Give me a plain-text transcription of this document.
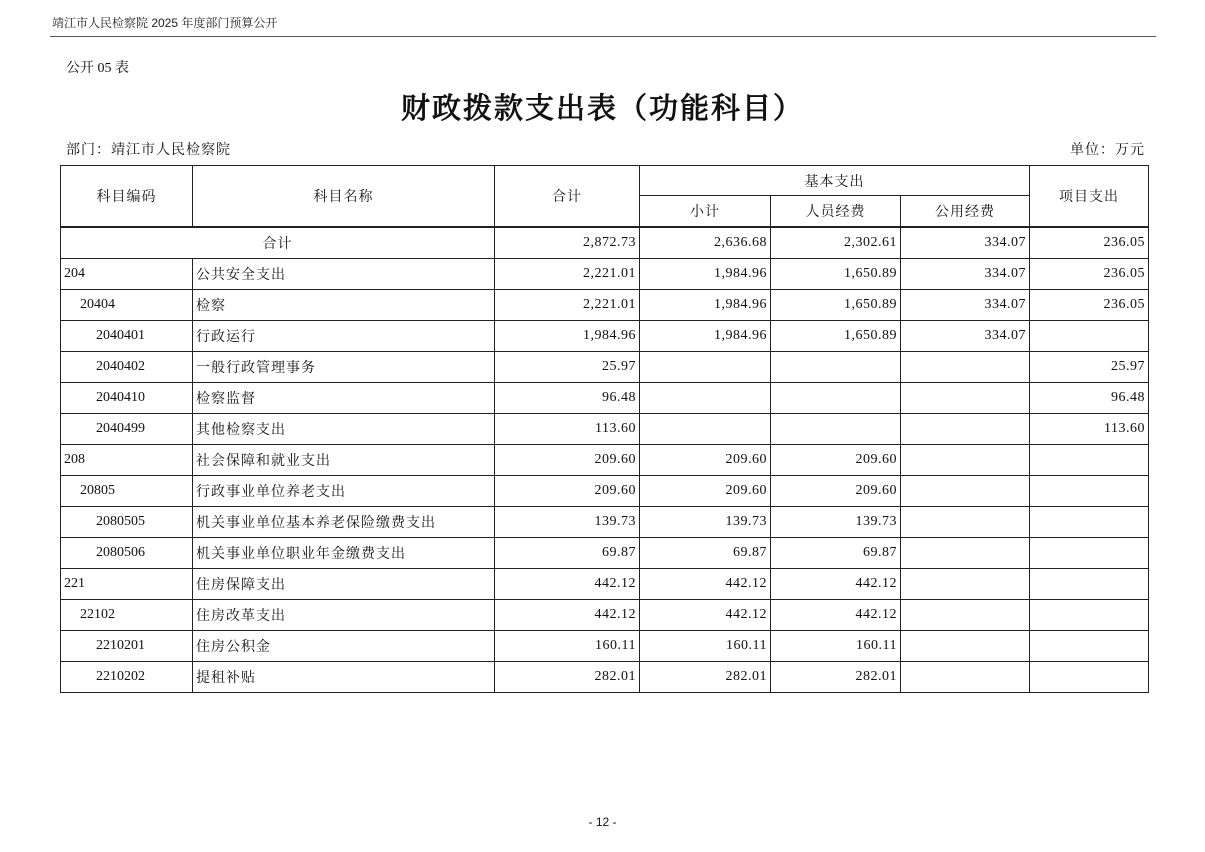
靖江市人民检察院 2025 年度部门预算公开
公开 05 表
财政拨款支出表（功能科目）
部门：靖江市人民检察院	单位：万元
科目编码	科目名称	合计	基本支出			项目支出
			小计	人员经费	公用经费	
合计		2,872.73	2,636.68	2,302.61	334.07	236.05
204	公共安全支出	2,221.01	1,984.96	1,650.89	334.07	236.05
20404	检察	2,221.01	1,984.96	1,650.89	334.07	236.05
2040401	行政运行	1,984.96	1,984.96	1,650.89	334.07	
2040402	一般行政管理事务	25.97				25.97
2040410	检察监督	96.48				96.48
2040499	其他检察支出	113.60				113.60
208	社会保障和就业支出	209.60	209.60	209.60		
20805	行政事业单位养老支出	209.60	209.60	209.60		
2080505	机关事业单位基本养老保险缴费支出	139.73	139.73	139.73		
2080506	机关事业单位职业年金缴费支出	69.87	69.87	69.87		
221	住房保障支出	442.12	442.12	442.12		
22102	住房改革支出	442.12	442.12	442.12		
2210201	住房公积金	160.11	160.11	160.11		
2210202	提租补贴	282.01	282.01	282.01		
- 12 -
